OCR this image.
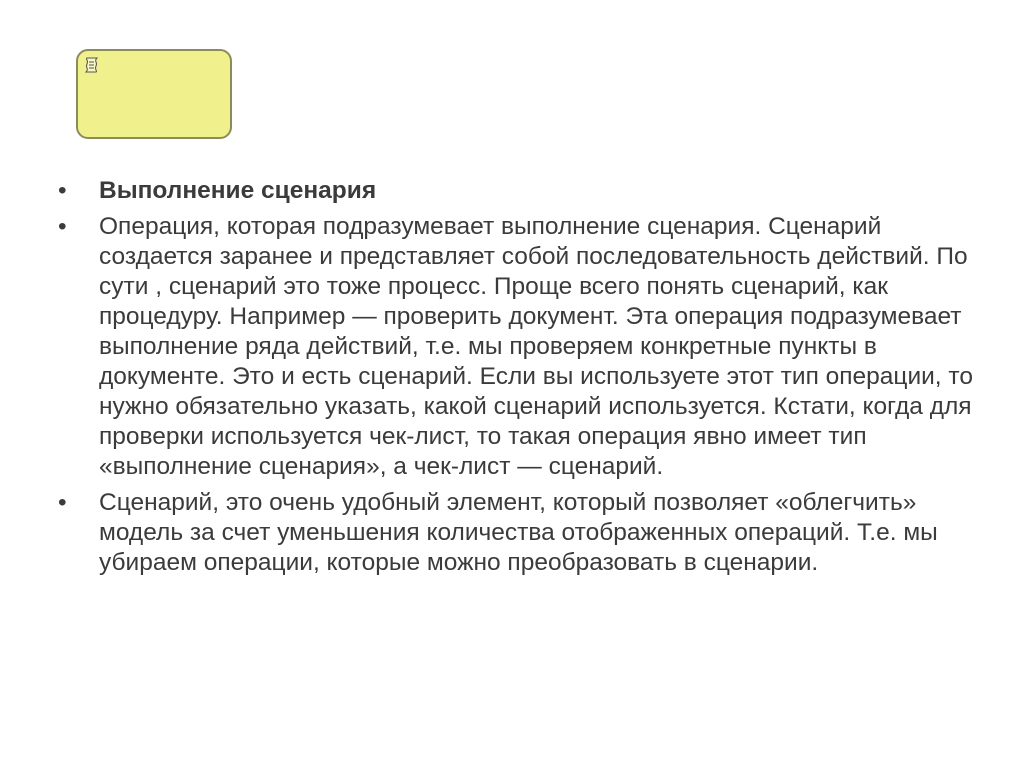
• Выполнение сценария
• Операция, которая подразумевает выполнение сценария. Сценарий создается заранее и представляет собой последовательность действий. По сути , сценарий это тоже процесс. Проще всего понять сценарий, как процедуру. Например — проверить документ. Эта операция подразумевает выполнение ряда действий, т.е. мы проверяем конкретные пункты в документе. Это и есть сценарий. Если вы используете этот тип операции, то нужно обязательно указать, какой сценарий используется. Кстати, когда для проверки используется чек-лист, то такая операция явно имеет тип «выполнение сценария», а чек-лист — сценарий.
• Сценарий, это очень удобный элемент, который позволяет «облегчить» модель за счет уменьшения количества отображенных операций. Т.е. мы убираем операции, которые можно преобразовать в сценарии.
